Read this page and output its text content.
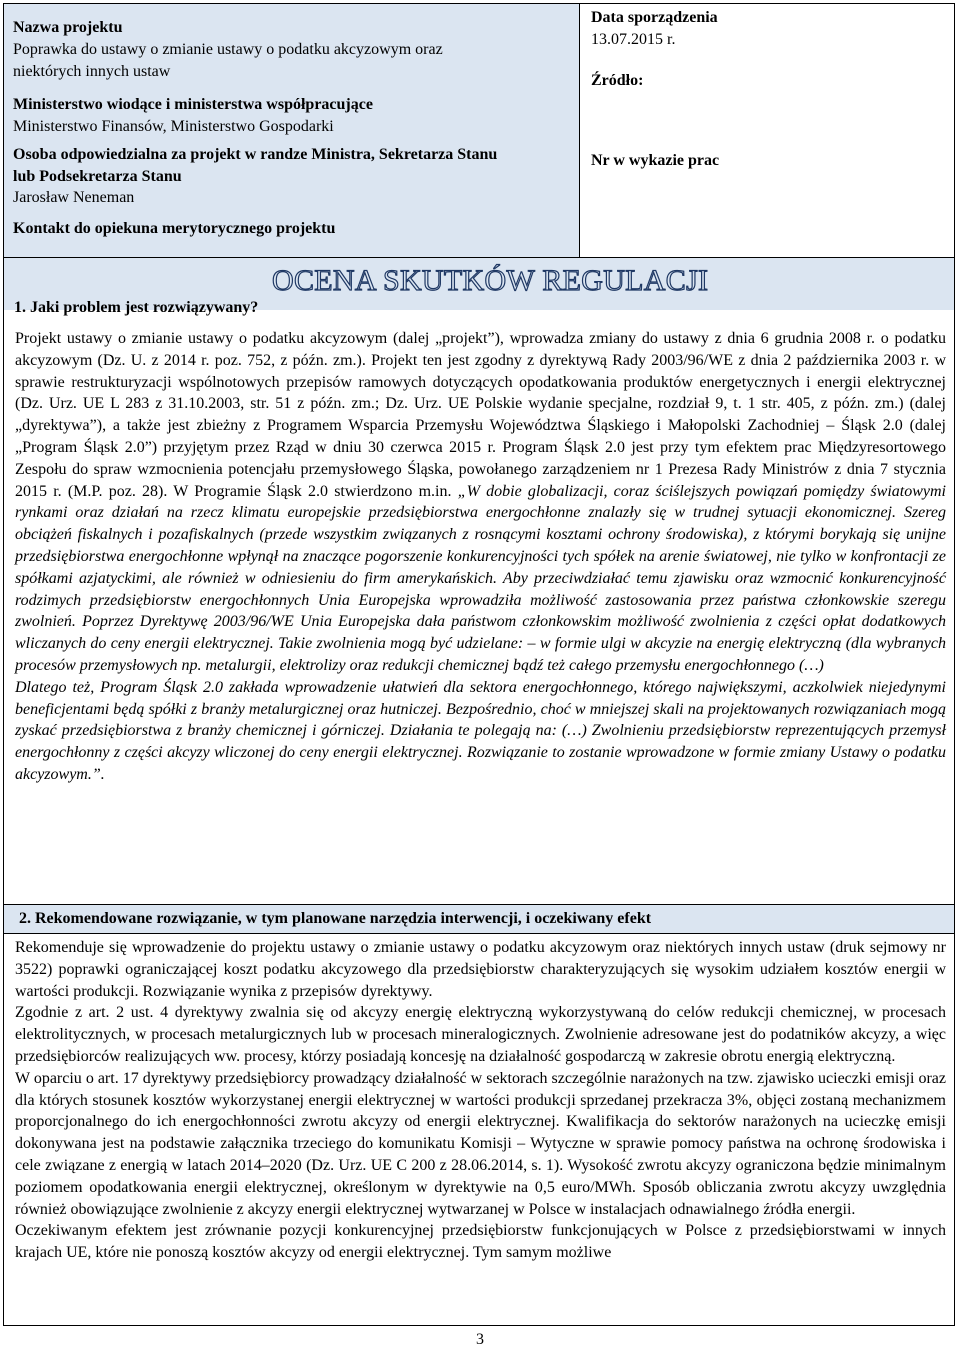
Nazwa projektu
Poprawka do ustawy o zmianie ustawy o podatku akcyzowym oraz
niektórych innych ustaw
Ministerstwo wiodące i ministerstwa współpracujące
Ministerstwo Finansów, Ministerstwo Gospodarki
Osoba odpowiedzialna za projekt w randze Ministra, Sekretarza Stanu
lub Podsekretarza Stanu
Jarosław Neneman
Kontakt do opiekuna merytorycznego projektu
Data sporządzenia
13.07.2015 r.
Źródło:
Nr w wykazie prac
OCENA SKUTKÓW REGULACJI
1. Jaki problem jest rozwiązywany?
Projekt ustawy o zmianie ustawy o podatku akcyzowym (dalej „projekt”), wprowadza zmiany do ustawy z dnia 6 grudnia 2008 r. o podatku akcyzowym (Dz. U. z 2014 r. poz. 752, z późn. zm.). Projekt ten jest zgodny z dyrektywą Rady 2003/96/WE z dnia 2 października 2003 r. w sprawie restrukturyzacji wspólnotowych przepisów ramowych dotyczących opodatkowania produktów energetycznych i energii elektrycznej (Dz. Urz. UE L 283 z 31.10.2003, str. 51 z późn. zm.; Dz. Urz. UE Polskie wydanie specjalne, rozdział 9, t. 1 str. 405, z późn. zm.) (dalej „dyrektywa”), a także jest zbieżny z Programem Wsparcia Przemysłu Województwa Śląskiego i Małopolski Zachodniej – Śląsk 2.0 (dalej „Program Śląsk 2.0”) przyjętym przez Rząd w dniu 30 czerwca 2015 r. Program Śląsk 2.0 jest przy tym efektem prac Międzyresortowego Zespołu do spraw wzmocnienia potencjału przemysłowego Śląska, powołanego zarządzeniem nr 1 Prezesa Rady Ministrów z dnia 7 stycznia 2015 r. (M.P. poz. 28). W Programie Śląsk 2.0 stwierdzono m.in. „W dobie globalizacji, coraz ściślejszych powiązań pomiędzy światowymi rynkami oraz działań na rzecz klimatu europejskie przedsiębiorstwa energochłonne znalazły się w trudnej sytuacji ekonomicznej. Szereg obciążeń fiskalnych i pozafiskalnych (przede wszystkim związanych z rosnącymi kosztami ochrony środowiska), z którymi borykają się unijne przedsiębiorstwa energochłonne wpłynął na znaczące pogorszenie konkurencyjności tych spółek na arenie światowej, nie tylko w konfrontacji ze spółkami azjatyckimi, ale również w odniesieniu do firm amerykańskich. Aby przeciwdziałać temu zjawisku oraz wzmocnić konkurencyjność rodzimych przedsiębiorstw energochłonnych Unia Europejska wprowadziła możliwość zastosowania przez państwa członkowskie szeregu zwolnień. Poprzez Dyrektywę 2003/96/WE Unia Europejska dała państwom członkowskim możliwość zwolnienia z części opłat dodatkowych wliczanych do ceny energii elektrycznej. Takie zwolnienia mogą być udzielane: – w formie ulgi w akcyzie na energię elektryczną (dla wybranych procesów przemysłowych np. metalurgii, elektrolizy oraz redukcji chemicznej bądź też całego przemysłu energochłonnego (…)

Dlatego też, Program Śląsk 2.0 zakłada wprowadzenie ułatwień dla sektora energochłonnego, którego największymi, aczkolwiek niejedynymi beneficjentami będą spółki z branży metalurgicznej oraz hutniczej. Bezpośrednio, choć w mniejszej skali na projektowanych rozwiązaniach mogą zyskać przedsiębiorstwa z branży chemicznej i górniczej. Działania te polegają na: (…) Zwolnieniu przedsiębiorstw reprezentujących przemysł energochłonny z części akcyzy wliczonej do ceny energii elektrycznej. Rozwiązanie to zostanie wprowadzone w formie zmiany Ustawy o podatku akcyzowym.”.

2. Rekomendowane rozwiązanie, w tym planowane narzędzia interwencji, i oczekiwany efekt

Rekomenduje się wprowadzenie do projektu ustawy o zmianie ustawy o podatku akcyzowym oraz niektórych innych ustaw (druk sejmowy nr 3522) poprawki ograniczającej koszt podatku akcyzowego dla przedsiębiorstw charakteryzujących się wysokim udziałem kosztów energii w wartości produkcji. Rozwiązanie wynika z przepisów dyrektywy.

Zgodnie z art. 2 ust. 4 dyrektywy zwalnia się od akcyzy energię elektryczną wykorzystywaną do celów redukcji chemicznej, w procesach elektrolitycznych, w procesach metalurgicznych lub w procesach mineralogicznych. Zwolnienie adresowane jest do podatników akcyzy, a więc przedsiębiorców realizujących ww. procesy, którzy posiadają koncesję na działalność gospodarczą w zakresie obrotu energią elektryczną.

W oparciu o art. 17 dyrektywy przedsiębiorcy prowadzący działalność w sektorach szczególnie narażonych na tzw. zjawisko ucieczki emisji oraz dla których stosunek kosztów wykorzystanej energii elektrycznej w wartości produkcji sprzedanej przekracza 3%, objęci zostaną mechanizmem proporcjonalnego do ich energochłonności zwrotu akcyzy od energii elektrycznej. Kwalifikacja do sektorów narażonych na ucieczkę emisji dokonywana jest na podstawie załącznika trzeciego do komunikatu Komisji – Wytyczne w sprawie pomocy państwa na ochronę środowiska i cele związane z energią w latach 2014–2020 (Dz. Urz. UE C 200 z 28.06.2014, s. 1). Wysokość zwrotu akcyzy ograniczona będzie minimalnym poziomem opodatkowania energii elektrycznej, określonym w dyrektywie na 0,5 euro/MWh. Sposób obliczania zwrotu akcyzy uwzględnia również obowiązujące zwolnienie z akcyzy energii elektrycznej wytwarzanej w Polsce w instalacjach odnawialnego źródła energii.

Oczekiwanym efektem jest zrównanie pozycji konkurencyjnej przedsiębiorstw funkcjonujących w Polsce z przedsiębiorstwami w innych krajach UE, które nie ponoszą kosztów akcyzy od energii elektrycznej. Tym samym możliwe

3
